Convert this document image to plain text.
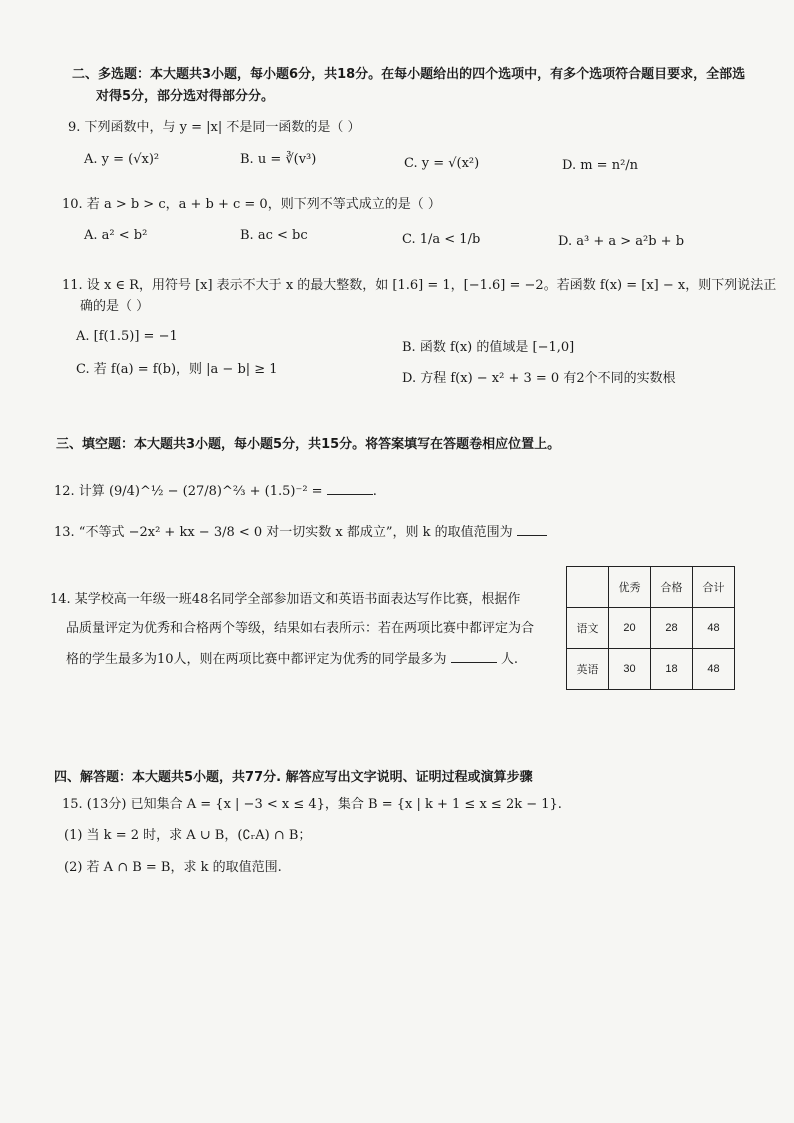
二、多选题：本大题共3小题，每小题6分，共18分。在每小题给出的四个选项中，有多个选项符合题目要求，全部选
对得5分，部分选对得部分分。
9. 下列函数中，与 y = |x| 不是同一函数的是（ ）
A. y = (√x)²	B. u = ∛(v³)	C. y = √(x²)	D. m = n²/n
10. 若 a > b > c，a + b + c = 0，则下列不等式成立的是（ ）
A. a² < b²	B. ac < bc	C. 1/a < 1/b	D. a³ + a > a²b + b
11. 设 x ∈ R，用符号 [x] 表示不大于 x 的最大整数，如 [1.6] = 1，[−1.6] = −2。若函数 f(x) = [x] − x，则下列说法正
确的是（ ）
A. [f(1.5)] = −1
B. 函数 f(x) 的值域是 [−1,0]
C. 若 f(a) = f(b)，则 |a − b| ≥ 1
D. 方程 f(x) − x² + 3 = 0 有2个不同的实数根
三、填空题：本大题共3小题，每小题5分，共15分。将答案填写在答题卷相应位置上。
12. 计算 (9/4)^½ − (27/8)^⅔ + (1.5)⁻² =	.
13. “不等式 −2x² + kx − 3/8 < 0 对一切实数 x 都成立”，则 k 的取值范围为
14. 某学校高一年级一班48名同学全部参加语文和英语书面表达写作比赛，根据作
品质量评定为优秀和合格两个等级，结果如右表所示：若在两项比赛中都评定为合
格的学生最多为10人，则在两项比赛中都评定为优秀的同学最多为	人.
	优秀	合格	合计
语文	20	28	48
英语	30	18	48
四、解答题：本大题共5小题，共77分. 解答应写出文字说明、证明过程或演算步骤
15. (13分) 已知集合 A = {x | −3 < x ≤ 4}，集合 B = {x | k + 1 ≤ x ≤ 2k − 1}.
(1) 当 k = 2 时，求 A ∪ B，(∁ᵣA) ∩ B；
(2) 若 A ∩ B = B，求 k 的取值范围.
